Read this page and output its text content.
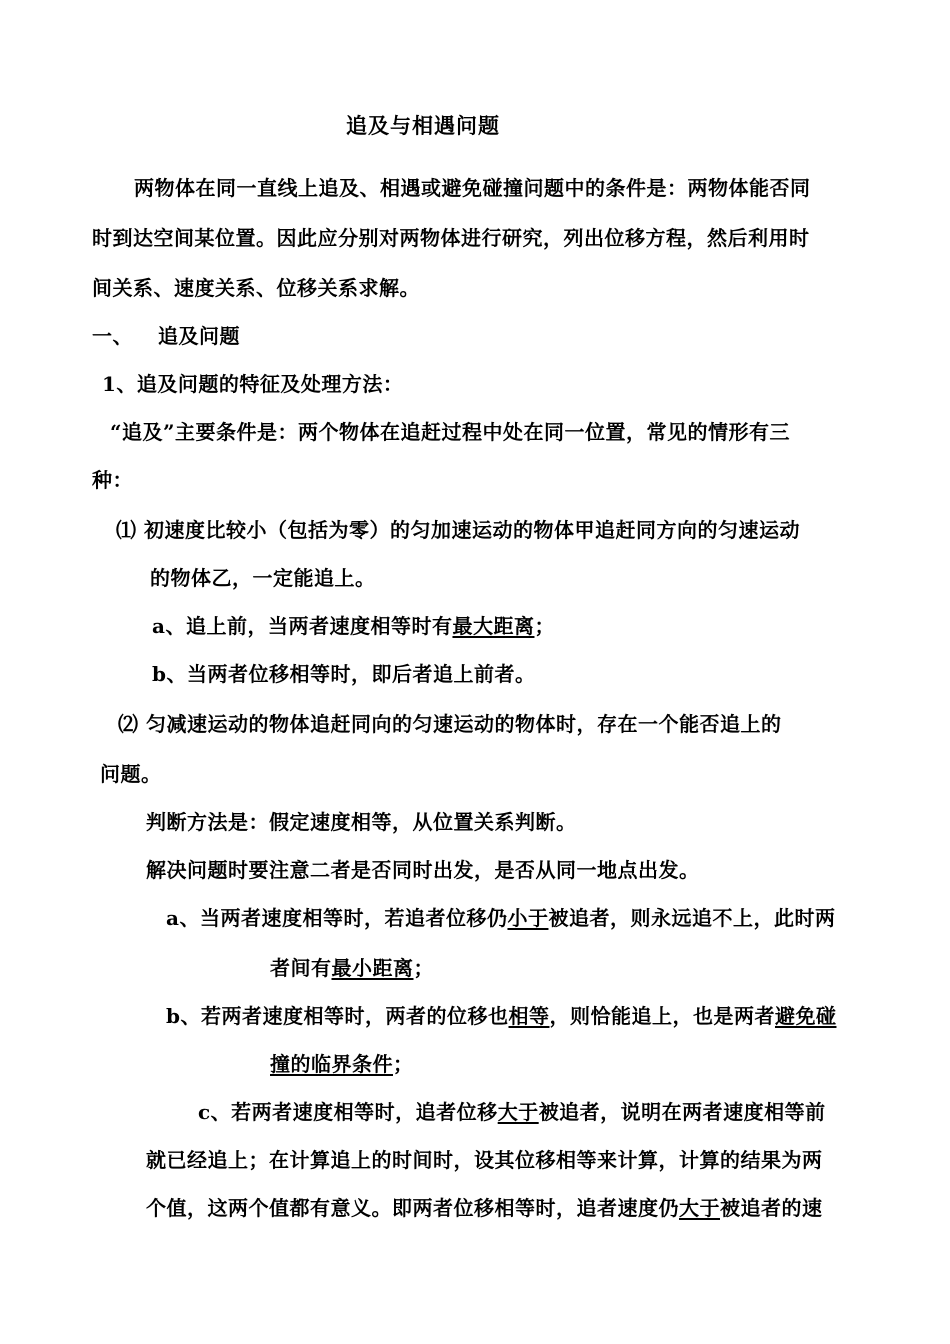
追及与相遇问题
两物体在同一直线上追及、相遇或避免碰撞问题中的条件是：两物体能否同
时到达空间某位置。因此应分别对两物体进行研究，列出位移方程，然后利用时
间关系、速度关系、位移关系求解。
一、 追及问题
1、追及问题的特征及处理方法：
“追及”主要条件是：两个物体在追赶过程中处在同一位置，常见的情形有三
种：
⑴ 初速度比较小（包括为零）的匀加速运动的物体甲追赶同方向的匀速运动
的物体乙，一定能追上。
a、追上前，当两者速度相等时有最大距离；
b、当两者位移相等时，即后者追上前者。
⑵ 匀减速运动的物体追赶同向的匀速运动的物体时，存在一个能否追上的
问题。
判断方法是：假定速度相等，从位置关系判断。
解决问题时要注意二者是否同时出发，是否从同一地点出发。
a、当两者速度相等时，若追者位移仍小于被追者，则永远追不上，此时两
者间有最小距离；
b、若两者速度相等时，两者的位移也相等，则恰能追上，也是两者避免碰
撞的临界条件；
c、若两者速度相等时，追者位移大于被追者，说明在两者速度相等前
就已经追上；在计算追上的时间时，设其位移相等来计算，计算的结果为两
个值，这两个值都有意义。即两者位移相等时，追者速度仍大于被追者的速
